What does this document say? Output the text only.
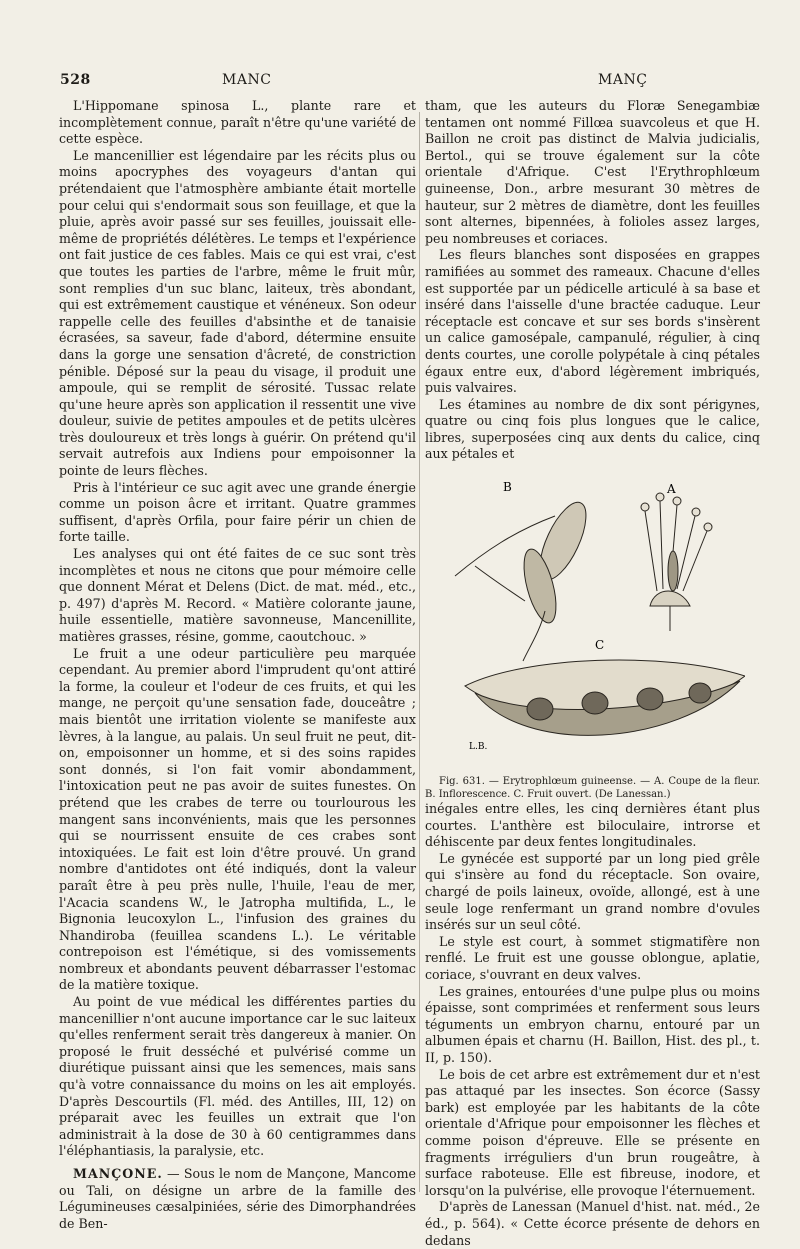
528	MANC	MANÇ

L'Hippomane spinosa L., plante rare et incomplètement connue, paraît n'être qu'une variété de cette espèce.

Le mancenillier est légendaire par les récits plus ou moins apocryphes des voyageurs d'antan qui prétendaient que l'atmosphère ambiante était mortelle pour celui qui s'endormait sous son feuillage, et que la pluie, après avoir passé sur ses feuilles, jouissait elle-même de propriétés délétères. Le temps et l'expérience ont fait justice de ces fables. Mais ce qui est vrai, c'est que toutes les parties de l'arbre, même le fruit mûr, sont remplies d'un suc blanc, laiteux, très abondant, qui est extrêmement caustique et vénéneux. Son odeur rappelle celle des feuilles d'absinthe et de tanaisie écrasées, sa saveur, fade d'abord, détermine ensuite dans la gorge une sensation d'âcreté, de constriction pénible. Déposé sur la peau du visage, il produit une ampoule, qui se remplit de sérosité. Tussac relate qu'une heure après son application il ressentit une vive douleur, suivie de petites ampoules et de petits ulcères très douloureux et très longs à guérir. On prétend qu'il servait autrefois aux Indiens pour empoisonner la pointe de leurs flèches.

Pris à l'intérieur ce suc agit avec une grande énergie comme un poison âcre et irritant. Quatre grammes suffisent, d'après Orfila, pour faire périr un chien de forte taille.

Les analyses qui ont été faites de ce suc sont très incomplètes et nous ne citons que pour mémoire celle que donnent Mérat et Delens (Dict. de mat. méd., etc., p. 497) d'après M. Record. « Matière colorante jaune, huile essentielle, matière savonneuse, Mancenillite, matières grasses, résine, gomme, caoutchouc. »

Le fruit a une odeur particulière peu marquée cependant. Au premier abord l'imprudent qu'ont attiré la forme, la couleur et l'odeur de ces fruits, et qui les mange, ne perçoit qu'une sensation fade, douceâtre ; mais bientôt une irritation violente se manifeste aux lèvres, à la langue, au palais. Un seul fruit ne peut, dit-on, empoisonner un homme, et si des soins rapides sont donnés, si l'on fait vomir abondamment, l'intoxication peut ne pas avoir de suites funestes. On prétend que les crabes de terre ou tourlourous les mangent sans inconvénients, mais que les personnes qui se nourrissent ensuite de ces crabes sont intoxiquées. Le fait est loin d'être prouvé. Un grand nombre d'antidotes ont été indiqués, dont la valeur paraît être à peu près nulle, l'huile, l'eau de mer, l'Acacia scandens W., le Jatropha multifida, L., le Bignonia leucoxylon L., l'infusion des graines du Nhandiroba (feuillea scandens L.). Le véritable contrepoison est l'émétique, si des vomissements nombreux et abondants peuvent débarrasser l'estomac de la matière toxique.

Au point de vue médical les différentes parties du mancenillier n'ont aucune importance car le suc laiteux qu'elles renferment serait très dangereux à manier. On proposé le fruit desséché et pulvérisé comme un diurétique puissant ainsi que les semences, mais sans qu'à votre connaissance du moins on les ait employés. D'après Descourtils (Fl. méd. des Antilles, III, 12) on préparait avec les feuilles un extrait que l'on administrait à la dose de 30 à 60 centigrammes dans l'éléphantiasis, la paralysie, etc.

MANÇONE. — Sous le nom de Mançone, Mancome ou Tali, on désigne un arbre de la famille des Légumineuses cæsalpiniées, série des Dimorphandrées de Ben-

tham, que les auteurs du Floræ Senegambiæ tentamen ont nommé Fillœa suavcoleus et que H. Baillon ne croit pas distinct de Malvia judicialis, Bertol., qui se trouve également sur la côte orientale d'Afrique. C'est l'Erythrophlœum guineense, Don., arbre mesurant 30 mètres de hauteur, sur 2 mètres de diamètre, dont les feuilles sont alternes, bipennées, à folioles assez larges, peu nombreuses et coriaces.

Les fleurs blanches sont disposées en grappes ramifiées au sommet des rameaux. Chacune d'elles est supportée par un pédicelle articulé à sa base et inséré dans l'aisselle d'une bractée caduque. Leur réceptacle est concave et sur ses bords s'insèrent un calice gamosépale, campanulé, régulier, à cinq dents courtes, une corolle polypétale à cinq pétales égaux entre eux, d'abord légèrement imbriqués, puis valvaires.

Les étamines au nombre de dix sont périgynes, quatre ou cinq fois plus longues que le calice, libres, superposées cinq aux dents du calice, cinq aux pétales et

B	A
C
L.B.

Fig. 631. — Erytrophlœum guineense. — A. Coupe de la fleur. B. Inflorescence. C. Fruit ouvert. (De Lanessan.)

inégales entre elles, les cinq dernières étant plus courtes. L'anthère est biloculaire, introrse et déhiscente par deux fentes longitudinales.

Le gynécée est supporté par un long pied grêle qui s'insère au fond du réceptacle. Son ovaire, chargé de poils laineux, ovoïde, allongé, est à une seule loge renfermant un grand nombre d'ovules insérés sur un seul côté.

Le style est court, à sommet stigmatifère non renflé. Le fruit est une gousse oblongue, aplatie, coriace, s'ouvrant en deux valves.

Les graines, entourées d'une pulpe plus ou moins épaisse, sont comprimées et renferment sous leurs téguments un embryon charnu, entouré par un albumen épais et charnu (H. Baillon, Hist. des pl., t. II, p. 150).

Le bois de cet arbre est extrêmement dur et n'est pas attaqué par les insectes. Son écorce (Sassy bark) est employée par les habitants de la côte orientale d'Afrique pour empoisonner les flèches et comme poison d'épreuve. Elle se présente en fragments irréguliers d'un brun rougeâtre, à surface raboteuse. Elle est fibreuse, inodore, et lorsqu'on la pulvérise, elle provoque l'éternuement.

D'après de Lanessan (Manuel d'hist. nat. méd., 2e éd., p. 564). « Cette écorce présente de dehors en dedans
